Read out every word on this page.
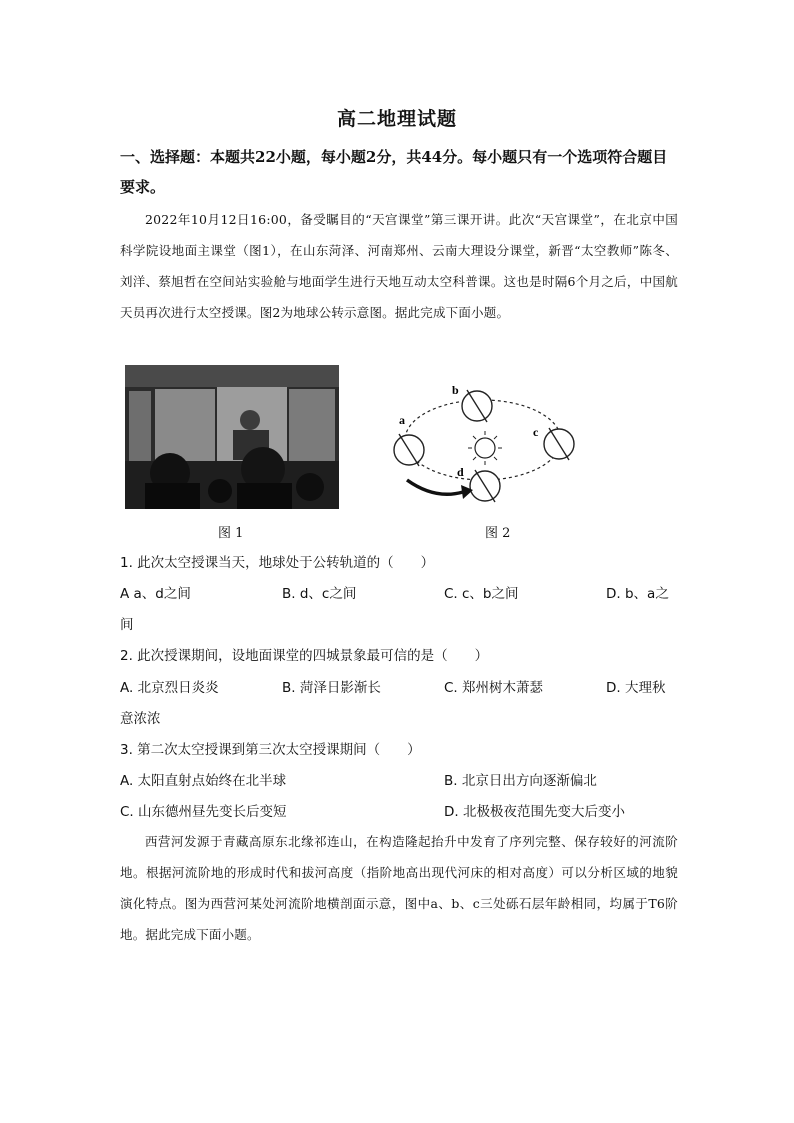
高二地理试题
一、选择题：本题共22小题，每小题2分，共44分。每小题只有一个选项符合题目要求。
2022年10月12日16:00，备受瞩目的“天宫课堂”第三课开讲。此次“天宫课堂”，在北京中国科学院设地面主课堂（图1），在山东菏泽、河南郑州、云南大理设分课堂，新晋“太空教师”陈冬、刘洋、蔡旭哲在空间站实验舱与地面学生进行天地互动太空科普课。这也是时隔6个月之后，中国航天员再次进行太空授课。图2为地球公转示意图。据此完成下面小题。
a
b
c
d
图 1	图 2
1. 此次太空授课当天，地球处于公转轨道的（　　）
A a、d之间	B. d、c之间	C. c、b之间	D. b、a之
间
2. 此次授课期间，设地面课堂的四城景象最可信的是（　　）
A. 北京烈日炎炎	B. 菏泽日影渐长	C. 郑州树木萧瑟	D. 大理秋
意浓浓
3. 第二次太空授课到第三次太空授课期间（　　）
A. 太阳直射点始终在北半球	B. 北京日出方向逐渐偏北
C. 山东德州昼先变长后变短	D. 北极极夜范围先变大后变小
西营河发源于青藏高原东北缘祁连山，在构造隆起抬升中发育了序列完整、保存较好的河流阶地。根据河流阶地的形成时代和拔河高度（指阶地高出现代河床的相对高度）可以分析区域的地貌演化特点。图为西营河某处河流阶地横剖面示意，图中a、b、c三处砾石层年龄相同，均属于T6阶地。据此完成下面小题。
